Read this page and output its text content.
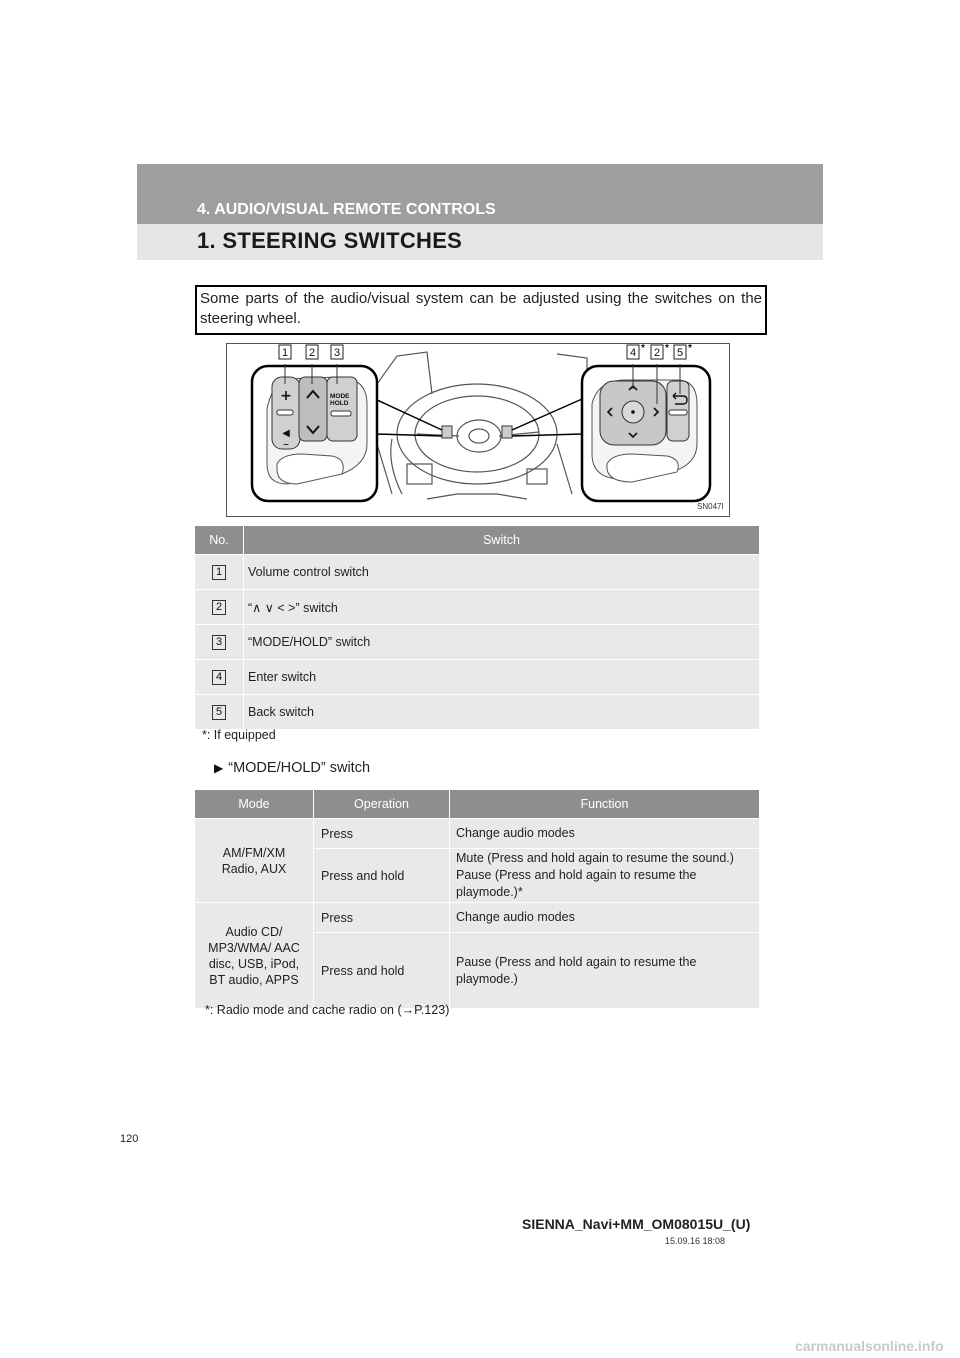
4. AUDIO/VISUAL REMOTE CONTROLS
1. STEERING SWITCHES
Some parts of the audio/visual system can be adjusted using the switches on the steering wheel.
+
◀
–
MODE
HOLD
1 2 3	4 * 2 * 5 *
SN047I
No.	Switch
1	Volume control switch
2	“∧ ∨ < >” switch
3	“MODE/HOLD” switch
4	Enter switch
5	Back switch
*: If equipped
▶ “MODE/HOLD” switch
Mode	Operation	Function
AM/FM/XM Radio, AUX	Press	Change audio modes
	Press and hold	Mute (Press and hold again to resume the sound.)
Pause (Press and hold again to resume the playmode.)*

Audio CD/ MP3/WMA/ AAC disc, USB, iPod, BT audio, APPS	Press	Change audio modes
	Press and hold	Pause (Press and hold again to resume the playmode.)
*: Radio mode and cache radio on (→P.123)
120
SIENNA_Navi+MM_OM08015U_(U)
15.09.16 18:08
carmanualsonline.info
